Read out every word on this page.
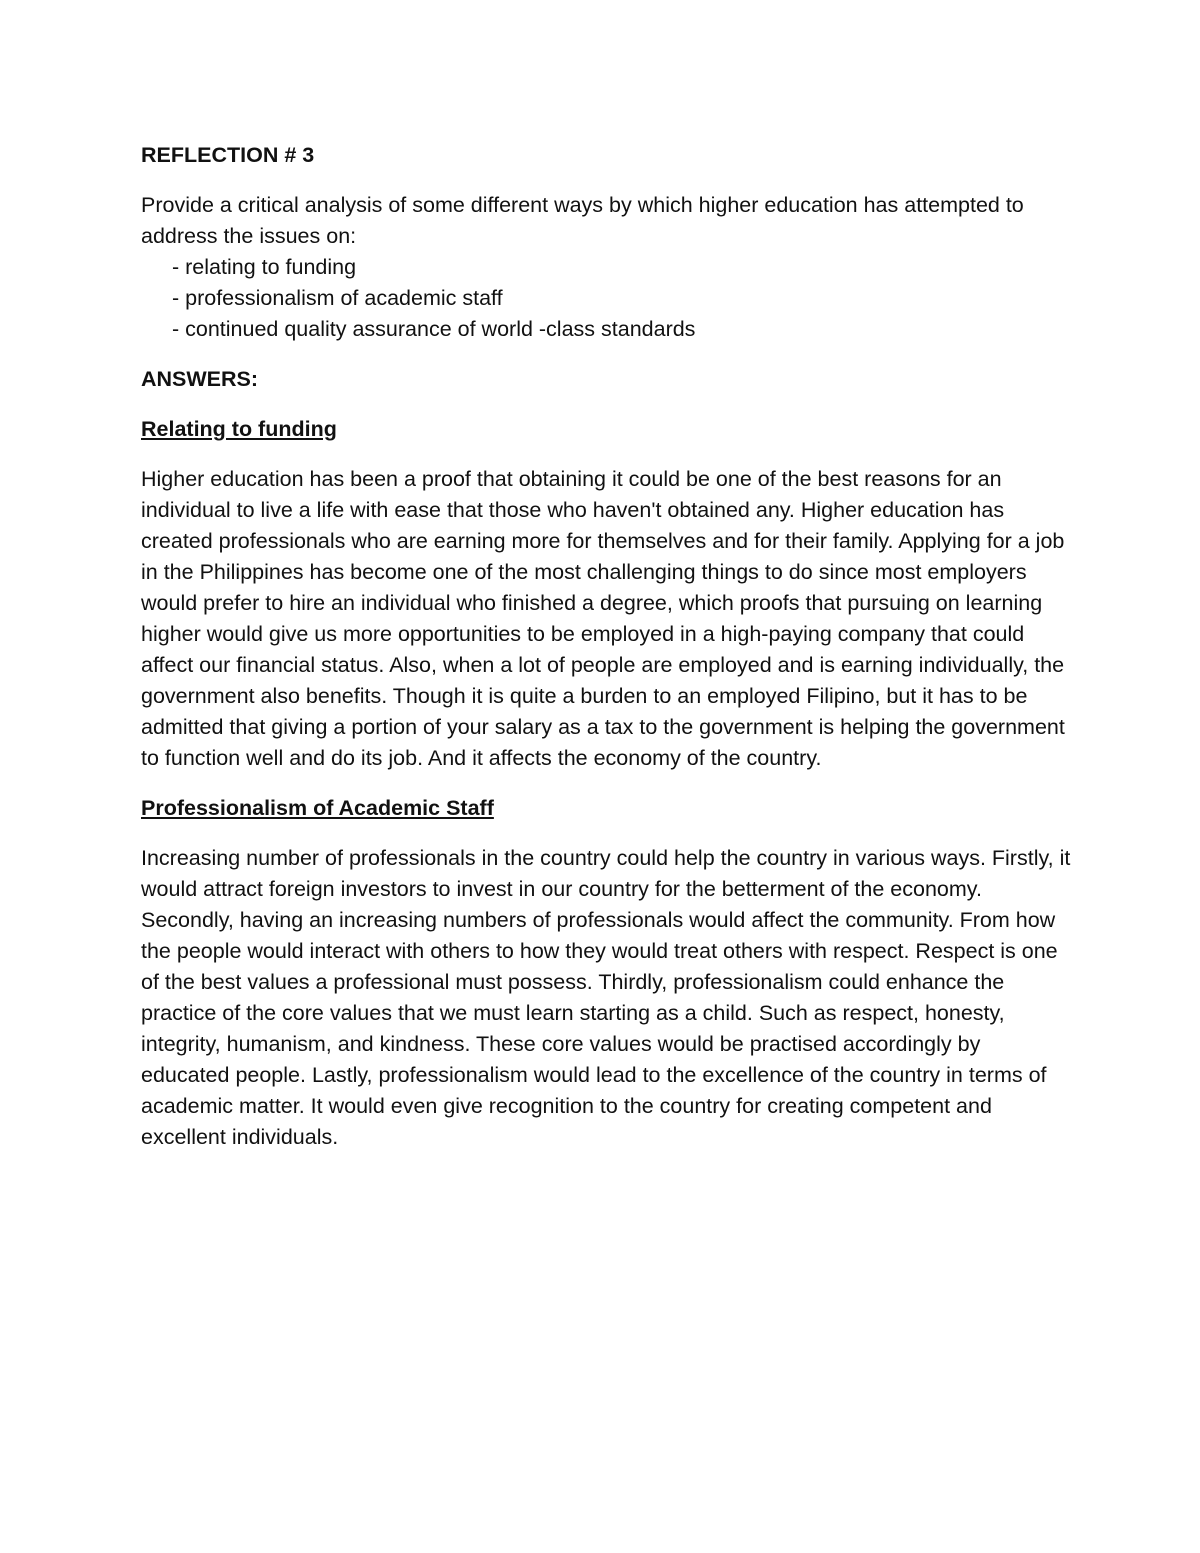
REFLECTION # 3

Provide a critical analysis of some different ways by which higher education has attempted to address the issues on:

- relating to funding
- professionalism of academic staff
- continued quality assurance of world -class standards

ANSWERS:

Relating to funding

Higher education has been a proof that obtaining it could be one of the best reasons for an individual to live a life with ease that those who haven't obtained any. Higher education has created professionals who are earning more for themselves and for their family. Applying for a job in the Philippines has become one of the most challenging things to do since most employers would prefer to hire an individual who finished a degree, which proofs that pursuing on learning higher would give us more opportunities to be employed in a high-paying company that could affect our financial status. Also, when a lot of people are employed and is earning individually, the government also benefits. Though it is quite a burden to an employed Filipino, but it has to be admitted that giving a portion of your salary as a tax to the government is helping the government to function well and do its job. And it affects the economy of the country.

Professionalism of Academic Staff

Increasing number of professionals in the country could help the country in various ways. Firstly, it would attract foreign investors to invest in our country for the betterment of the economy. Secondly, having an increasing numbers of professionals would affect the community. From how the people would interact with others to how they would treat others with respect. Respect is one of the best values a professional must possess. Thirdly, professionalism could enhance the practice of the core values that we must learn starting as a child. Such as respect, honesty, integrity, humanism, and kindness. These core values would be practised accordingly by educated people. Lastly, professionalism would lead to the excellence of the country in terms of academic matter. It would even give recognition to the country for creating competent and excellent individuals.
